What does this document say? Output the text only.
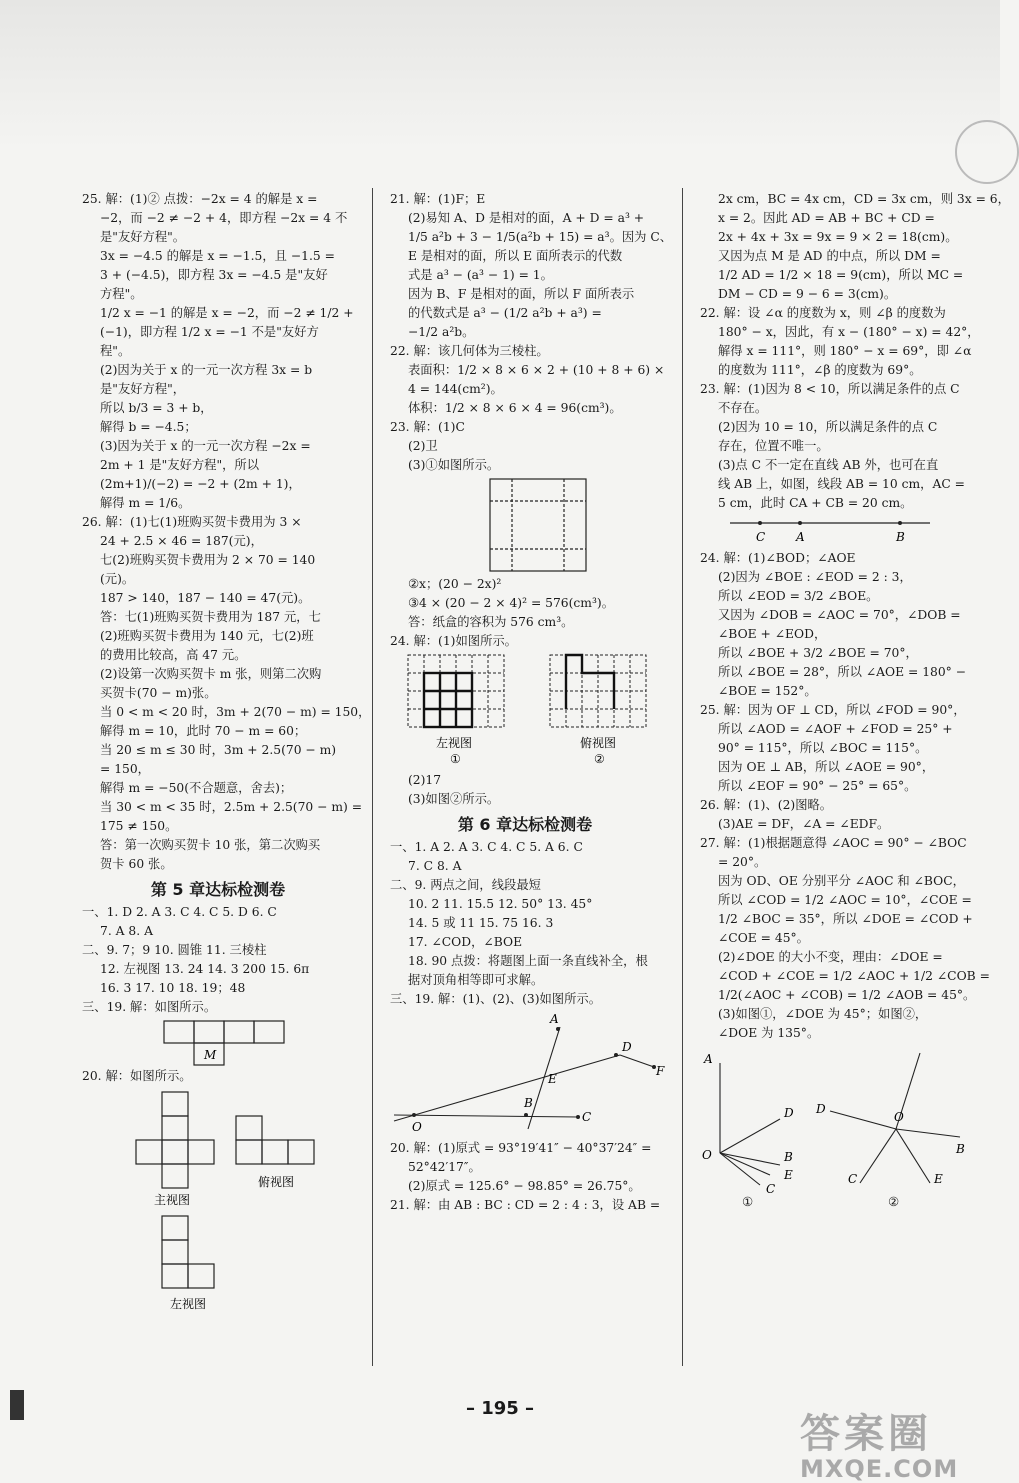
25. 解：(1)② 点拨：−2x = 4 的解是 x =
−2，而 −2 ≠ −2 + 4，即方程 −2x = 4 不
是"友好方程"。
3x = −4.5 的解是 x = −1.5，且 −1.5 =
3 + (−4.5)，即方程 3x = −4.5 是"友好
方程"。
1/2 x = −1 的解是 x = −2，而 −2 ≠ 1/2 +
(−1)，即方程 1/2 x = −1 不是"友好方
程"。
(2)因为关于 x 的一元一次方程 3x = b
是"友好方程"，
所以 b/3 = 3 + b，
解得 b = −4.5；
(3)因为关于 x 的一元一次方程 −2x =
2m + 1 是"友好方程"，所以
(2m+1)/(−2) = −2 + (2m + 1)，
解得 m = 1/6。
26. 解：(1)七(1)班购买贺卡费用为 3 ×
24 + 2.5 × 46 = 187(元)，
七(2)班购买贺卡费用为 2 × 70 = 140
(元)。
187 > 140，187 − 140 = 47(元)。
答：七(1)班购买贺卡费用为 187 元，七
(2)班购买贺卡费用为 140 元，七(2)班
的费用比较高，高 47 元。
(2)设第一次购买贺卡 m 张，则第二次购
买贺卡(70 − m)张。
当 0 < m < 20 时，3m + 2(70 − m) = 150，
解得 m = 10，此时 70 − m = 60；
当 20 ≤ m ≤ 30 时，3m + 2.5(70 − m)
= 150，
解得 m = −50(不合题意，舍去)；
当 30 < m < 35 时，2.5m + 2.5(70 − m) =
175 ≠ 150。
答：第一次购买贺卡 10 张，第二次购买
贺卡 60 张。
第 5 章达标检测卷
一、1. D 2. A 3. C 4. C 5. D 6. C
7. A 8. A
二、9. 7；9 10. 圆锥 11. 三棱柱
12. 左视图 13. 24 14. 3 200 15. 6π
16. 3 17. 10 18. 19；48
三、19. 解：如图所示。
M
20. 解：如图所示。
主视图
俯视图
左视图
21. 解：(1)F；E
(2)易知 A、D 是相对的面，A + D = a³ +
1/5 a²b + 3 − 1/5(a²b + 15) = a³。因为 C、
E 是相对的面，所以 E 面所表示的代数
式是 a³ − (a³ − 1) = 1。
因为 B、F 是相对的面，所以 F 面所表示
的代数式是 a³ − (1/2 a²b + a³) =
−1/2 a²b。
22. 解：该几何体为三棱柱。
表面积：1/2 × 8 × 6 × 2 + (10 + 8 + 6) ×
4 = 144(cm²)。
体积：1/2 × 8 × 6 × 4 = 96(cm³)。
23. 解：(1)C
(2)卫
(3)①如图所示。
②x；(20 − 2x)²
③4 × (20 − 2 × 4)² = 576(cm³)。
答：纸盒的容积为 576 cm³。
24. 解：(1)如图所示。
左视图
①
俯视图
②
(2)17
(3)如图②所示。
第 6 章达标检测卷
一、1. A 2. A 3. C 4. C 5. A 6. C
7. C 8. A
二、9. 两点之间，线段最短
10. 2 11. 15.5 12. 50° 13. 45°
14. 5 或 11 15. 75 16. 3
17. ∠COD，∠BOE
18. 90 点拨：将题图上面一条直线补全，根
据对顶角相等即可求解。
三、19. 解：(1)、(2)、(3)如图所示。
A
D
E
F
B
O
C
20. 解：(1)原式 = 93°19′41″ − 40°37′24″ =
52°42′17″。
(2)原式 = 125.6° − 98.85° = 26.75°。
21. 解：由 AB : BC : CD = 2 : 4 : 3，设 AB =
2x cm，BC = 4x cm，CD = 3x cm，则 3x = 6，
x = 2。因此 AD = AB + BC + CD =
2x + 4x + 3x = 9x = 9 × 2 = 18(cm)。
又因为点 M 是 AD 的中点，所以 DM =
1/2 AD = 1/2 × 18 = 9(cm)，所以 MC =
DM − CD = 9 − 6 = 3(cm)。
22. 解：设 ∠α 的度数为 x，则 ∠β 的度数为
180° − x，因此，有 x − (180° − x) = 42°，
解得 x = 111°，则 180° − x = 69°，即 ∠α
的度数为 111°，∠β 的度数为 69°。
23. 解：(1)因为 8 < 10，所以满足条件的点 C
不存在。
(2)因为 10 = 10，所以满足条件的点 C
存在，位置不唯一。
(3)点 C 不一定在直线 AB 外，也可在直
线 AB 上，如图，线段 AB = 10 cm，AC =
5 cm，此时 CA + CB = 20 cm。
C	A	B
24. 解：(1)∠BOD；∠AOE
(2)因为 ∠BOE : ∠EOD = 2 : 3，
所以 ∠EOD = 3/2 ∠BOE。
又因为 ∠DOB = ∠AOC = 70°，∠DOB =
∠BOE + ∠EOD，
所以 ∠BOE + 3/2 ∠BOE = 70°，
所以 ∠BOE = 28°，所以 ∠AOE = 180° −
∠BOE = 152°。
25. 解：因为 OF ⊥ CD，所以 ∠FOD = 90°，
所以 ∠AOD = ∠AOF + ∠FOD = 25° +
90° = 115°，所以 ∠BOC = 115°。
因为 OE ⊥ AB，所以 ∠AOE = 90°，
所以 ∠EOF = 90° − 25° = 65°。
26. 解：(1)、(2)图略。
(3)AE = DF，∠A = ∠EDF。
27. 解：(1)根据题意得 ∠AOC = 90° − ∠BOC
= 20°。
因为 OD、OE 分别平分 ∠AOC 和 ∠BOC，
所以 ∠COD = 1/2 ∠AOC = 10°，∠COE =
1/2 ∠BOC = 35°，所以 ∠DOE = ∠COD +
∠COE = 45°。
(2)∠DOE 的大小不变，理由：∠DOE =
∠COD + ∠COE = 1/2 ∠AOC + 1/2 ∠COB =
1/2(∠AOC + ∠COB) = 1/2 ∠AOB = 45°。
(3)如图①，∠DOE 为 45°；如图②，
∠DOE 为 135°。
A
D
O	B
E
C
D
O
B
C	E
①	②
– 195 –
答案圈
MXQE.COM
